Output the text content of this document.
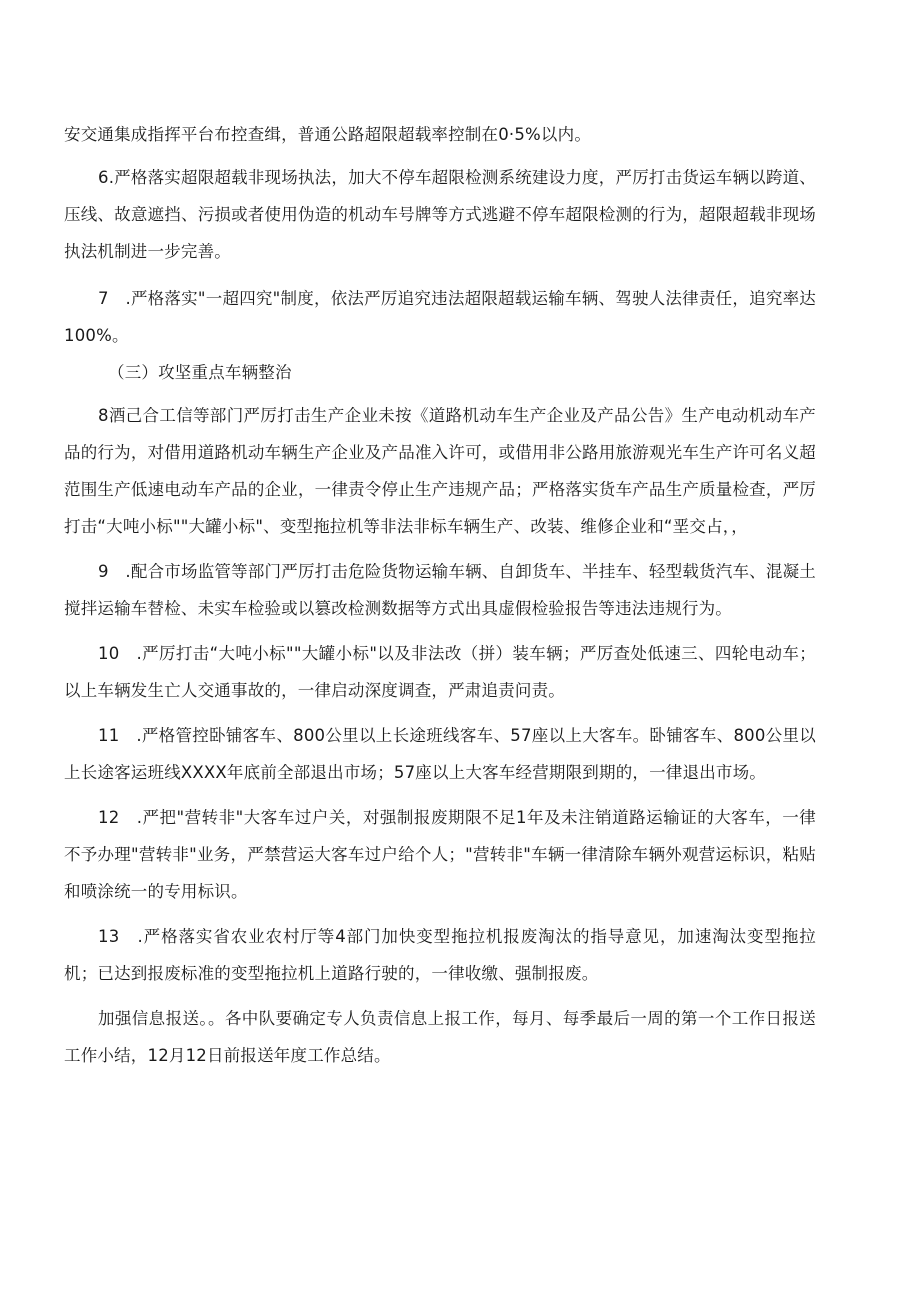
安交通集成指挥平台布控查缉，普通公路超限超载率控制在0·5%以内。

6.严格落实超限超载非现场执法，加大不停车超限检测系统建设力度，严厉打击货运车辆以跨道、压线、故意遮挡、污损或者使用伪造的机动车号牌等方式逃避不停车超限检测的行为，超限超载非现场执法机制进一步完善。

7　.严格落实"一超四究"制度，依法严厉追究违法超限超载运输车辆、驾驶人法律责任，追究率达100%。

（三）攻坚重点车辆整治

8酒己合工信等部门严厉打击生产企业未按《道路机动车生产企业及产品公告》生产电动机动车产品的行为，对借用道路机动车辆生产企业及产品准入许可，或借用非公路用旅游观光车生产许可名义超范围生产低速电动车产品的企业，一律责令停止生产违规产品；严格落实货车产品生产质量检查，严厉打击“大吨小标""大罐小标"、变型拖拉机等非法非标车辆生产、改装、维修企业和“垩交占，，

9　.配合市场监管等部门严厉打击危险货物运输车辆、自卸货车、半挂车、轻型载货汽车、混凝土搅拌运输车替检、未实车检验或以篡改检测数据等方式出具虚假检验报告等违法违规行为。

10　.严厉打击“大吨小标""大罐小标"以及非法改（拼）装车辆；严厉查处低速三、四轮电动车；以上车辆发生亡人交通事故的，一律启动深度调查，严肃追责问责。

11　.严格管控卧铺客车、800公里以上长途班线客车、57座以上大客车。卧铺客车、800公里以上长途客运班线XXXX年底前全部退出市场；57座以上大客车经营期限到期的，一律退出市场。

12　.严把"营转非"大客车过户关，对强制报废期限不足1年及未注销道路运输证的大客车，一律不予办理"营转非"业务，严禁营运大客车过户给个人；"营转非"车辆一律清除车辆外观营运标识，粘贴和喷涂统一的专用标识。

13　.严格落实省农业农村厅等4部门加快变型拖拉机报废淘汰的指导意见，加速淘汰变型拖拉机；已达到报废标准的变型拖拉机上道路行驶的，一律收缴、强制报废。

加强信息报送。。各中队要确定专人负责信息上报工作，每月、每季最后一周的第一个工作日报送工作小结，12月12日前报送年度工作总结。
